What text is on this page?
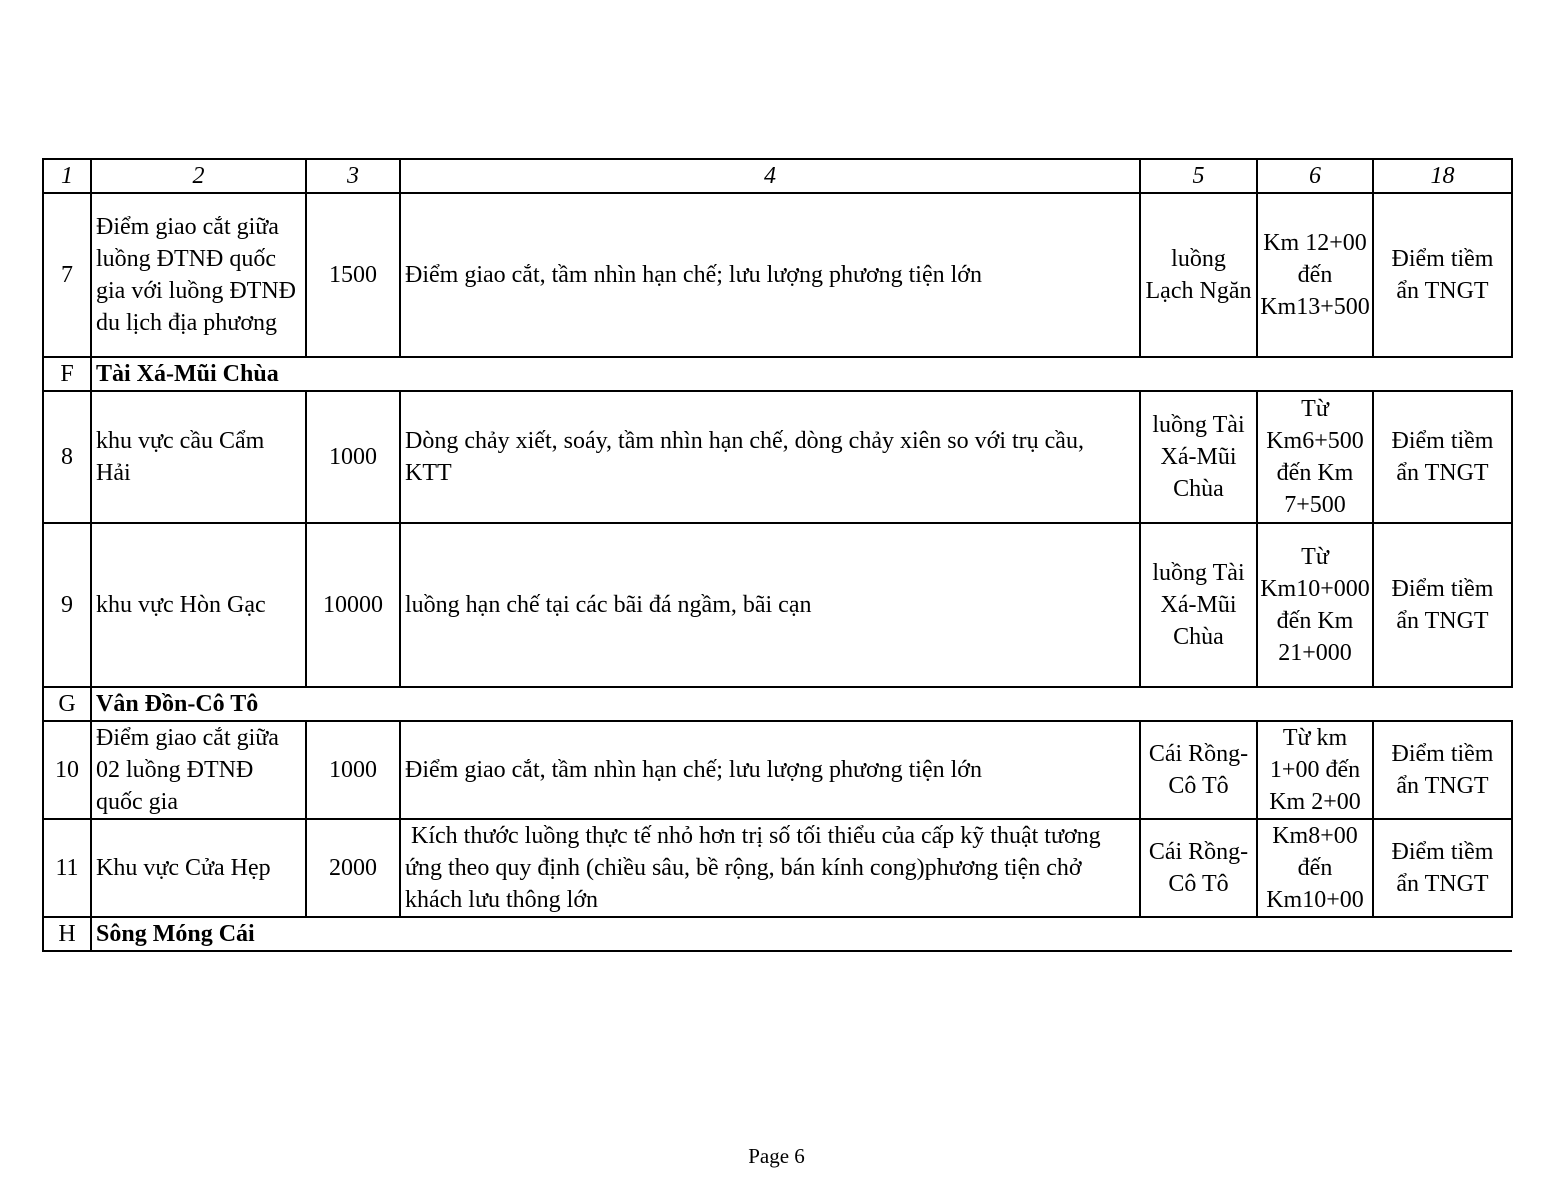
1	2	3	4	5	6	18
7	Điểm giao cắt giữa luồng ĐTNĐ quốc gia với luồng ĐTNĐ du lịch địa phương	1500	Điểm giao cắt, tầm nhìn hạn chế; lưu lượng phương tiện lớn	luồng Lạch Ngăn	Km 12+00 đến Km13+500	Điểm tiềm ẩn TNGT
F	Tài Xá-Mũi Chùa					
8	khu vực cầu Cẩm Hải	1000	Dòng chảy xiết, soáy, tầm nhìn hạn chế, dòng chảy xiên so với trụ cầu, KTT	luồng Tài Xá-Mũi Chùa	Từ Km6+500 đến Km 7+500	Điểm tiềm ẩn TNGT
9	khu vực Hòn Gạc	10000	luồng hạn chế tại các bãi đá ngầm, bãi cạn	luồng Tài Xá-Mũi Chùa	Từ Km10+000 đến Km 21+000	Điểm tiềm ẩn TNGT
G	Vân Đồn-Cô Tô					
10	Điểm giao cắt giữa 02 luồng ĐTNĐ quốc gia	1000	Điểm giao cắt, tầm nhìn hạn chế; lưu lượng phương tiện lớn	Cái Rồng-Cô Tô	Từ km 1+00 đến Km 2+00	Điểm tiềm ẩn TNGT
11	Khu vực Cửa Hẹp	2000	Kích thước luồng thực tế nhỏ hơn trị số tối thiểu của cấp kỹ thuật tương ứng theo quy định (chiều sâu, bề rộng, bán kính cong)phương tiện chở khách lưu thông lớn	Cái Rồng-Cô Tô	Km8+00 đến Km10+00	Điểm tiềm ẩn TNGT
H	Sông Móng Cái					
Page 6
